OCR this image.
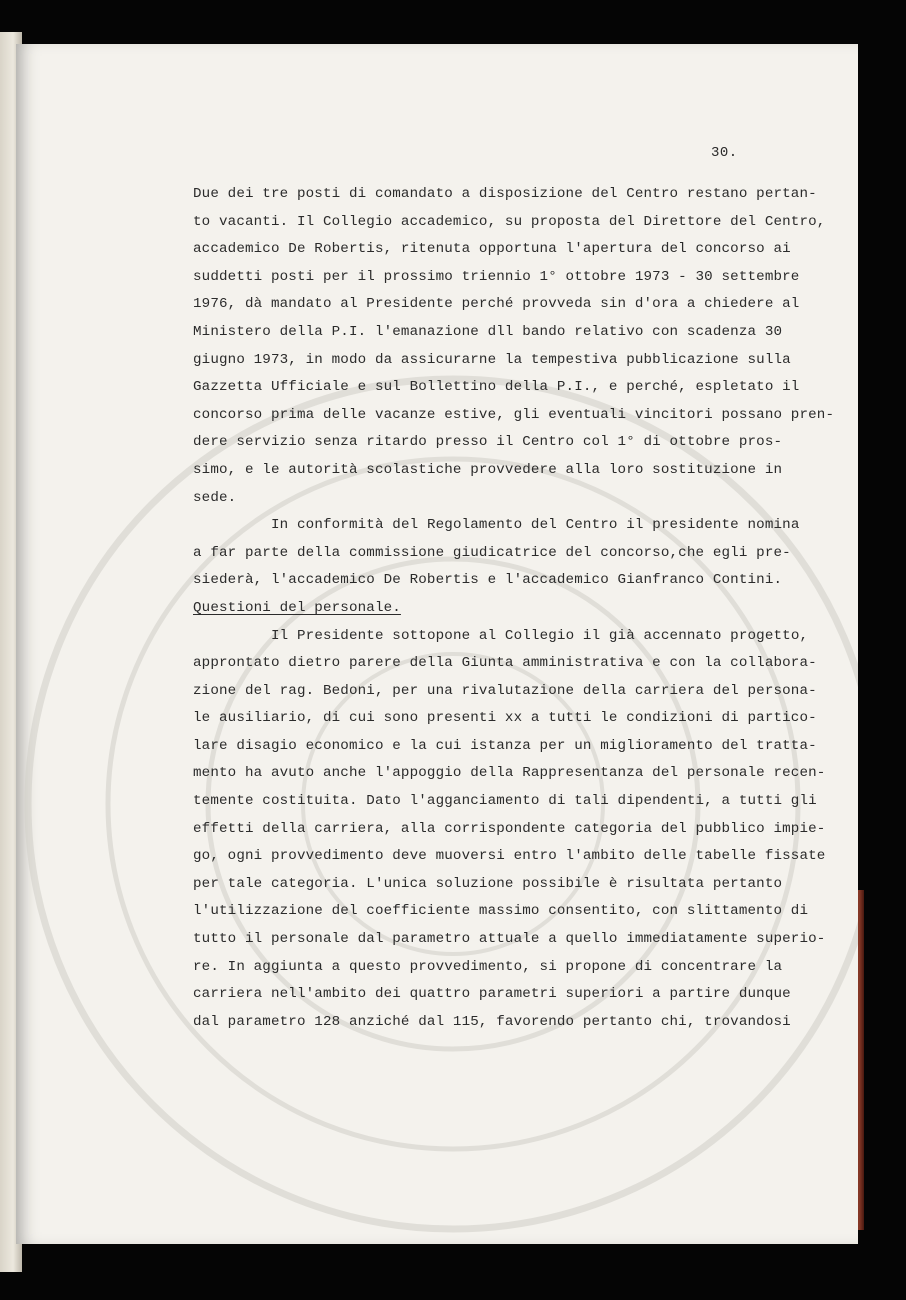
30.
Due dei tre posti di comandato a disposizione del Centro restano pertan-
to vacanti. Il Collegio accademico, su proposta del Direttore del Centro,
accademico De Robertis, ritenuta opportuna l'apertura del concorso ai
suddetti posti per il prossimo triennio 1° ottobre 1973 - 30 settembre
1976, dà mandato al Presidente perché provveda sin d'ora a chiedere al
Ministero della P.I. l'emanazione dll bando relativo con scadenza 30
giugno 1973, in modo da assicurarne la tempestiva pubblicazione sulla
Gazzetta Ufficiale e sul Bollettino della P.I., e perché, espletato il
concorso prima delle vacanze estive, gli eventuali vincitori possano pren-
dere servizio senza ritardo presso il Centro col 1° di ottobre pros-
simo, e le autorità scolastiche provvedere alla loro sostituzione in
sede.
In conformità del Regolamento del Centro il presidente nomina
a far parte della commissione giudicatrice del concorso,che egli pre-
siederà, l'accademico De Robertis e l'accademico Gianfranco Contini.
Questioni del personale.
Il Presidente sottopone al Collegio il già accennato progetto,
approntato dietro parere della Giunta amministrativa e con la collabora-
zione del rag. Bedoni, per una rivalutazione della carriera del persona-
le ausiliario, di cui sono presenti xx a tutti le condizioni di partico-
lare disagio economico e la cui istanza per un miglioramento del tratta-
mento ha avuto anche l'appoggio della Rappresentanza del personale recen-
temente costituita. Dato l'agganciamento di tali dipendenti, a tutti gli
effetti della carriera, alla corrispondente categoria del pubblico impie-
go, ogni provvedimento deve muoversi entro l'ambito delle tabelle fissate
per tale categoria. L'unica soluzione possibile è risultata pertanto
l'utilizzazione del coefficiente massimo consentito, con slittamento di
tutto il personale dal parametro attuale a quello immediatamente superio-
re. In aggiunta a questo provvedimento, si propone di concentrare la
carriera nell'ambito dei quattro parametri superiori a partire dunque
dal parametro 128 anziché dal 115, favorendo pertanto chi, trovandosi
